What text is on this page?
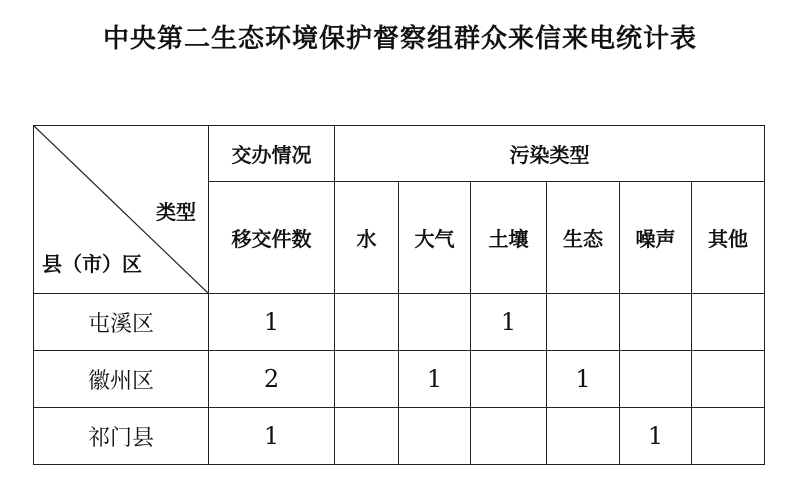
中央第二生态环境保护督察组群众来信来电统计表
类型
县（市）区	交办情况	污染类型					
	移交件数	水	大气	土壤	生态	噪声	其他
屯溪区	1			1			
徽州区	2		1		1		
祁门县	1					1	
